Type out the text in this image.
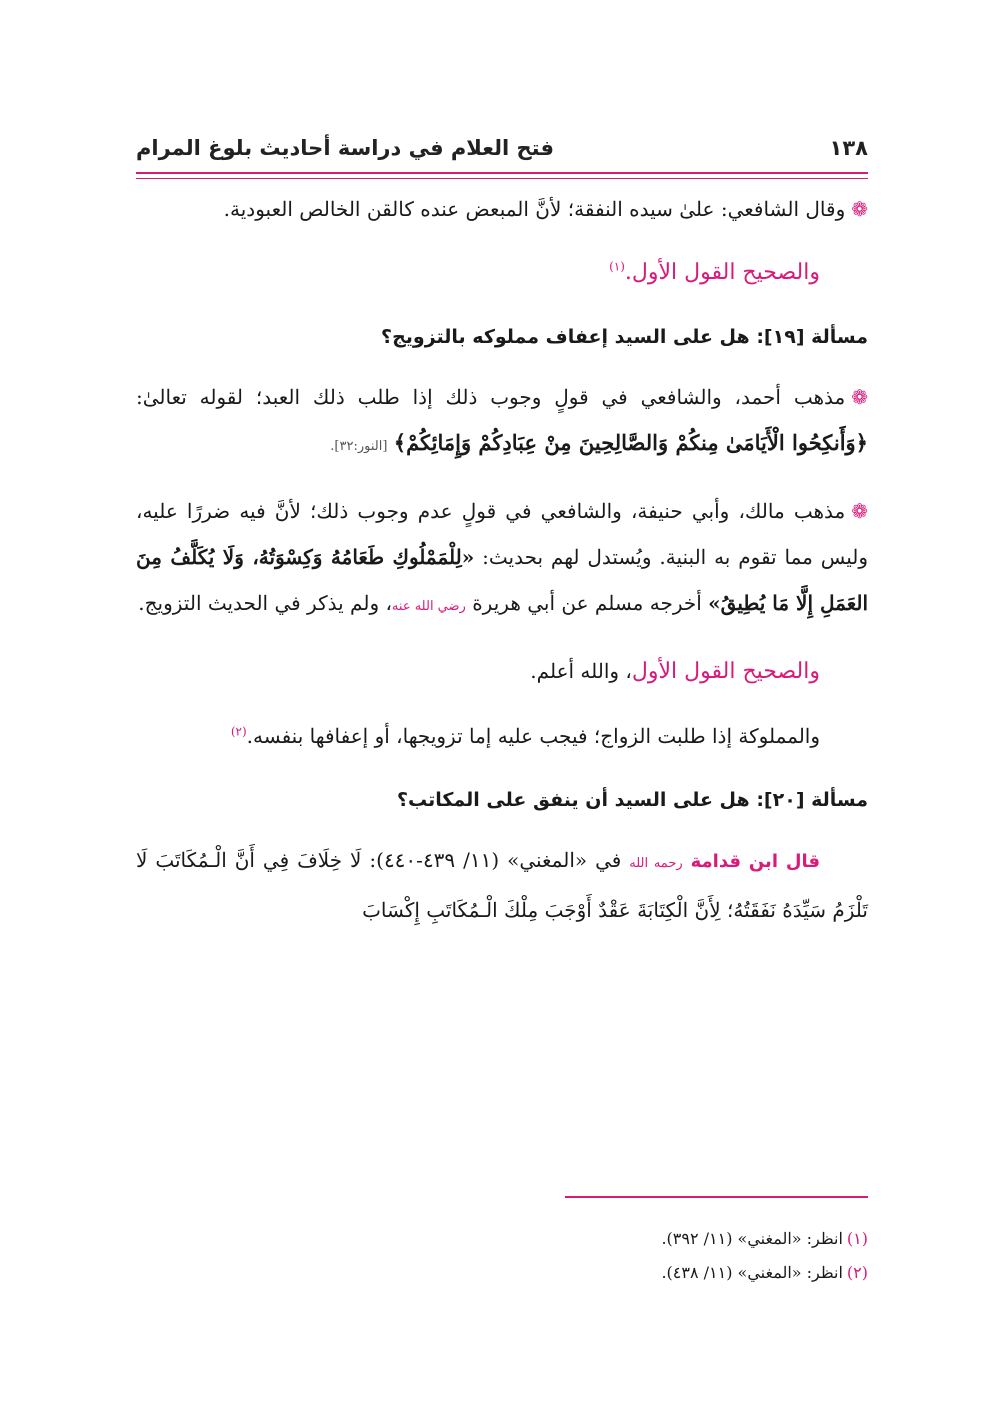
١٣٨
فتح العلام في دراسة أحاديث بلوغ المرام

❁وقال الشافعي: علىٰ سيده النفقة؛ لأنَّ المبعض عنده كالقن الخالص العبودية.

والصحيح القول الأول.$^{(١)}$

مسألة [١٩]: هل على السيد إعفاف مملوكه بالتزويج؟

❁مذهب أحمد، والشافعي في قولٍ وجوب ذلك إذا طلب ذلك العبد؛ لقوله تعالىٰ: ﴿وَأَنكِحُوا الْأَيَامَىٰ مِنكُمْ وَالصَّالِحِينَ مِنْ عِبَادِكُمْ وَإِمَائِكُمْ﴾ [النور:٣٢].

❁مذهب مالك، وأبي حنيفة، والشافعي في قولٍ عدم وجوب ذلك؛ لأنَّ فيه ضررًا عليه، وليس مما تقوم به البنية. ويُستدل لهم بحديث: «لِلْمَمْلُوكِ طَعَامُهُ وَكِسْوَتُهُ، وَلَا يُكَلَّفُ مِنَ العَمَلِ إِلَّا مَا يُطِيقُ» أخرجه مسلم عن أبي هريرة رضي الله عنه، ولم يذكر في الحديث التزويج.

والصحيح القول الأول، والله أعلم.

والمملوكة إذا طلبت الزواج؛ فيجب عليه إما تزويجها، أو إعفافها بنفسه.$^{(٢)}$

مسألة [٢٠]: هل على السيد أن ينفق على المكاتب؟

قال ابن قدامة رحمه الله في «المغني» (١١/ ٤٣٩-٤٤٠): لَا خِلَافَ فِي أَنَّ الْـمُكَاتَبَ لَا تَلْزَمُ سَيِّدَهُ نَفَقَتُهُ؛ لِأَنَّ الْكِتَابَةَ عَقْدٌ أَوْجَبَ مِلْكَ الْـمُكَاتَبِ إِكْسَابَ

(١)انظر: «المغني» (١١/ ٣٩٢).
(٢)انظر: «المغني» (١١/ ٤٣٨).
